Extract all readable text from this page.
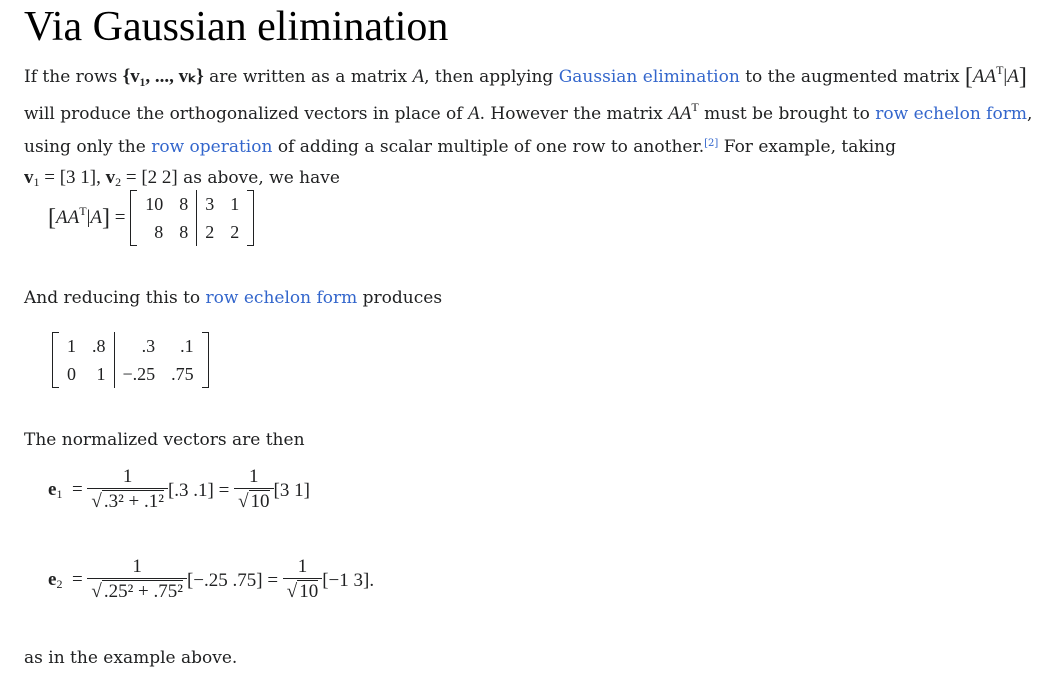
Via Gaussian elimination
If the rows {v₁, ..., vₖ} are written as a matrix A, then applying Gaussian elimination to the augmented matrix $[AA^T|A]$ will produce the orthogonalized vectors in place of A. However the matrix $AA^T$ must be brought to row echelon form, using only the row operation of adding a scalar multiple of one row to another.[2] For example, taking
$v_1 = [3$ 1], $v_2 = [2$ 2] as above, we have
$[AA^T|A]$ =
10	8	3	1
8	8	2	2
And reducing this to row echelon form produces
1	.8	.3	.1
0	1	−.25	.75
The normalized vectors are then
$e_1 = \frac{1}{\text{√ .3² + .1²}} [.3$ .1]
=
$\frac{1}{√ 10} [3$ 1]
$e_2 = \frac{1}{\text{√ .25² + .75²}} [-.25$ .75]
=
$\frac{1}{√ 10} [-1$ 3].
as in the example above.
